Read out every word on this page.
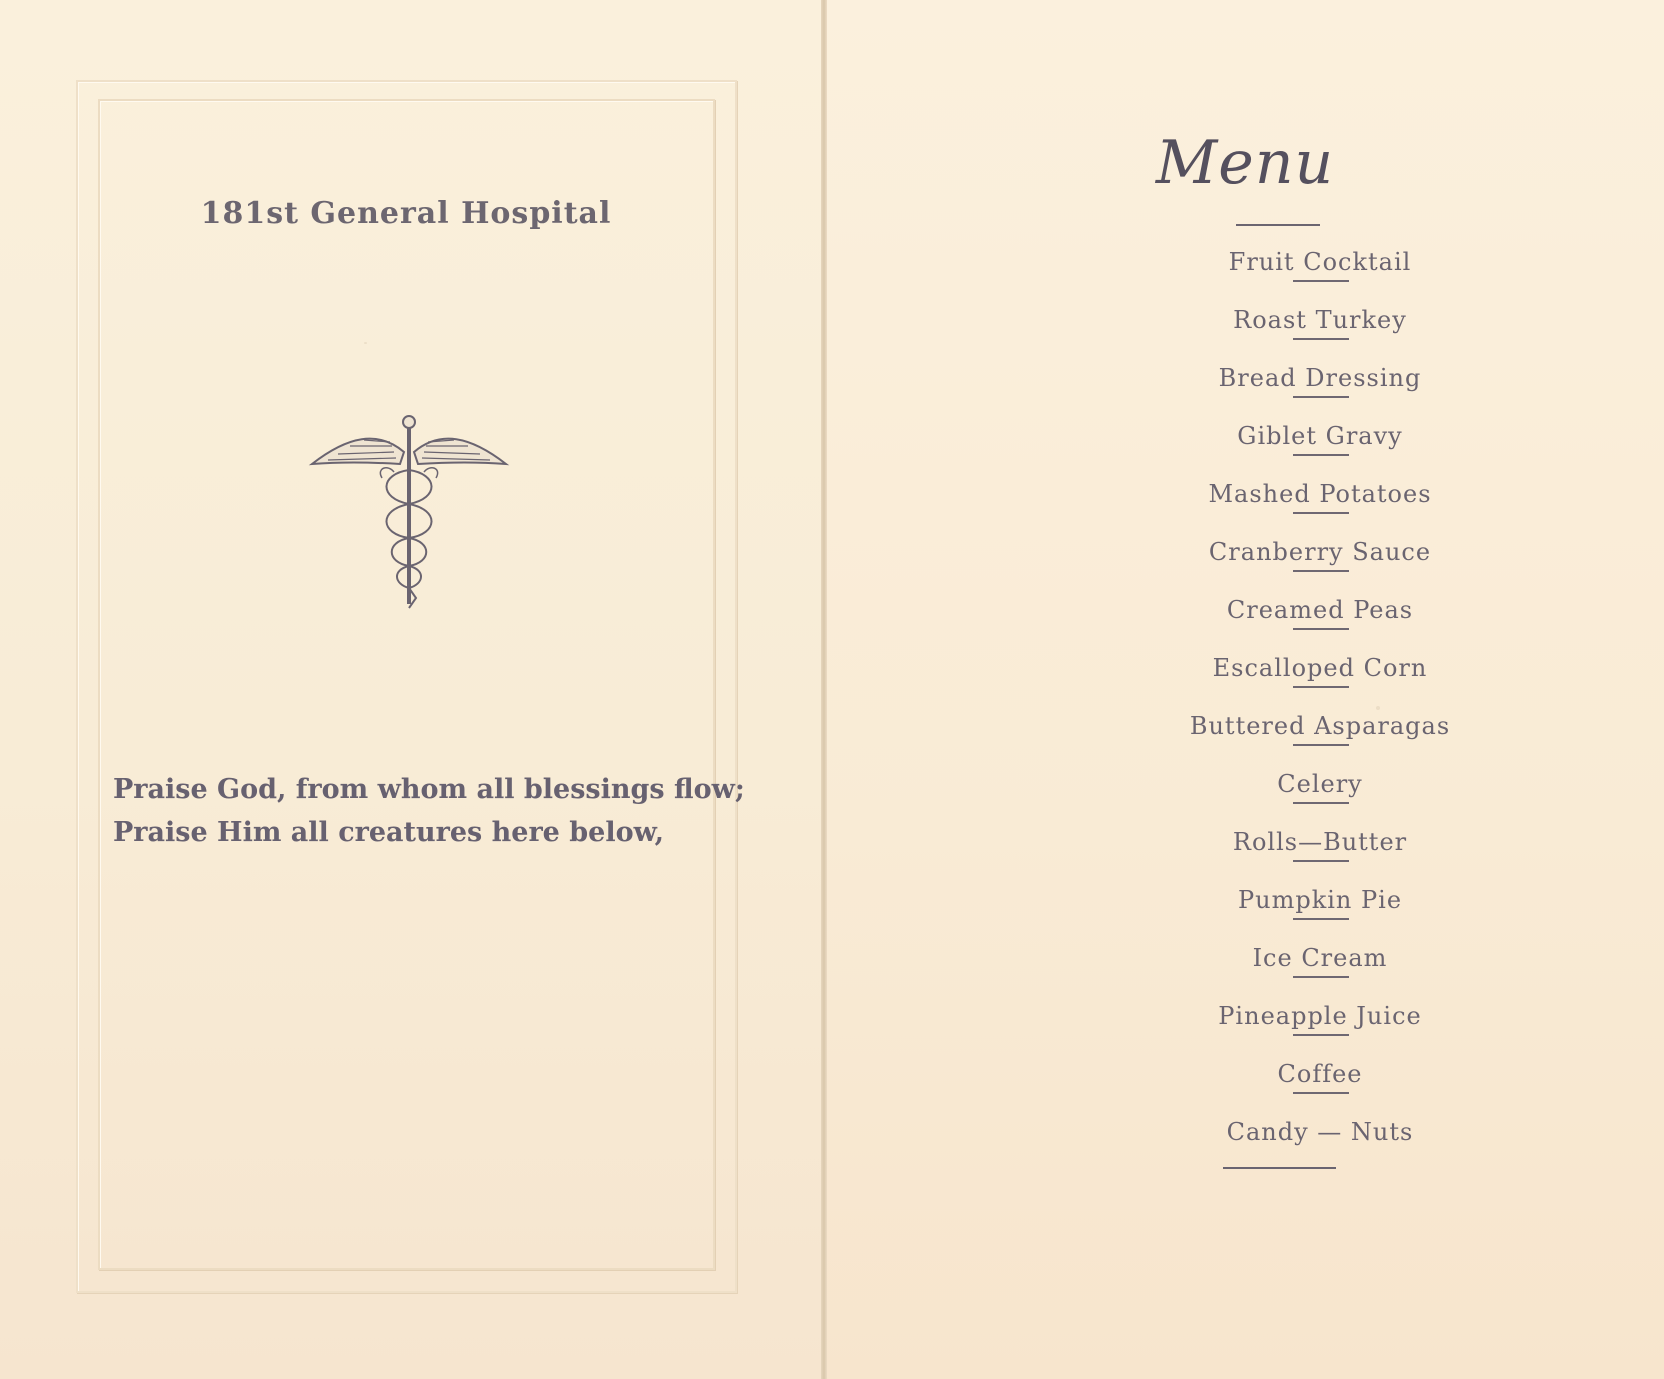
181st General Hospital
Praise God, from whom all blessings flow;
Praise Him all creatures here below,
Menu
Fruit Cocktail
Roast Turkey
Bread Dressing
Giblet Gravy
Mashed Potatoes
Cranberry Sauce
Creamed Peas
Escalloped Corn
Buttered Asparagas
Celery
Rolls—Butter
Pumpkin Pie
Ice Cream
Pineapple Juice
Coffee
Candy — Nuts
